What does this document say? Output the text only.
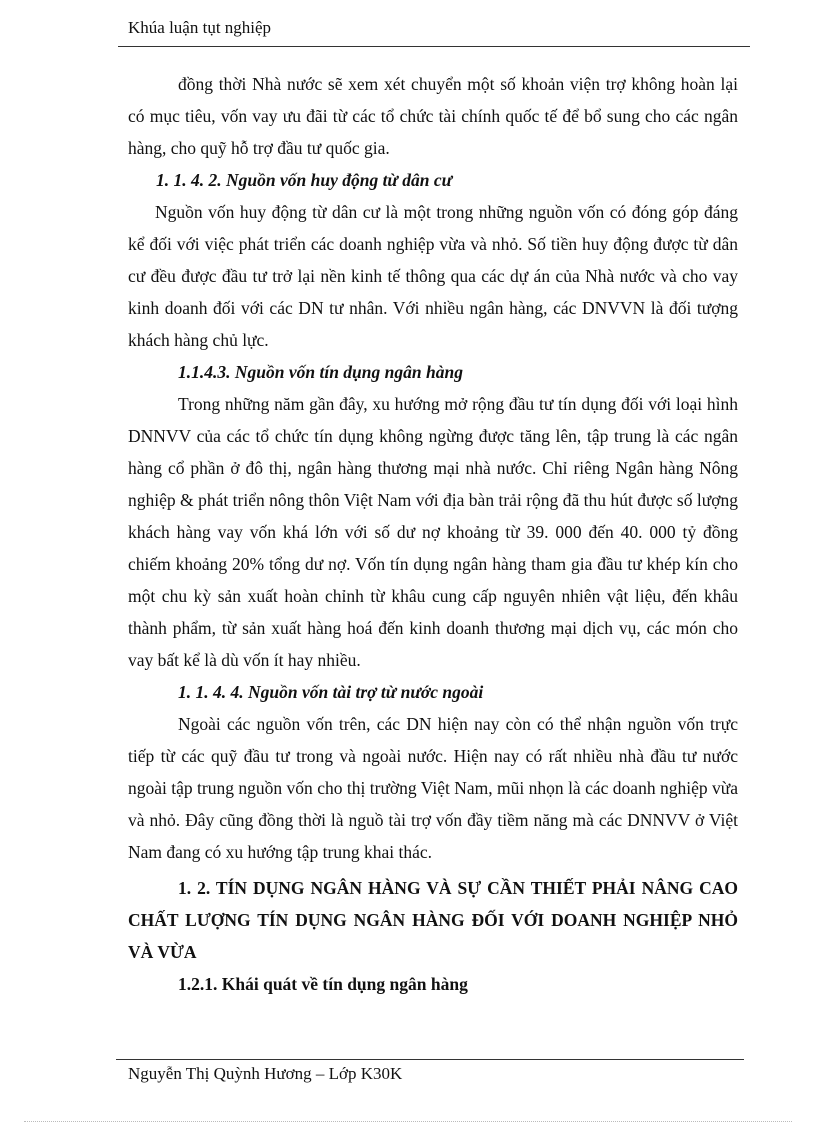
Khúa luận tụt nghiệp

đồng thời Nhà nước sẽ xem xét chuyển một số khoản viện trợ không hoàn lại có mục tiêu, vốn vay ưu đãi từ các tổ chức tài chính quốc tế để bổ sung cho các ngân hàng, cho quỹ hỗ trợ đầu tư quốc gia.

1. 1. 4. 2. Nguồn vốn huy động từ dân cư

Nguồn vốn huy động từ dân cư là một trong những nguồn vốn có đóng góp đáng kể đối với việc phát triển các doanh nghiệp vừa và nhỏ. Số tiền huy động được từ dân cư đều được đầu tư trở lại nền kinh tế thông qua các dự án của Nhà nước và cho vay kinh doanh đối với các DN tư nhân. Với nhiều ngân hàng, các DNVVN là đối tượng khách hàng chủ lực.

1.1.4.3. Nguồn vốn tín dụng ngân hàng

Trong những năm gần đây, xu hướng mở rộng đầu tư tín dụng đối với loại hình DNNVV của các tổ chức tín dụng không ngừng được tăng lên, tập trung là các ngân hàng cổ phần ở đô thị, ngân hàng thương mại nhà nước. Chỉ riêng Ngân hàng Nông nghiệp & phát triển nông thôn Việt Nam với địa bàn trải rộng đã thu hút được số lượng khách hàng vay vốn khá lớn với số dư nợ khoảng từ 39. 000 đến 40. 000 tỷ đồng chiếm khoảng 20% tổng dư nợ. Vốn tín dụng ngân hàng tham gia đầu tư khép kín cho một chu kỳ sản xuất hoàn chỉnh từ khâu cung cấp nguyên nhiên vật liệu, đến khâu thành phẩm, từ sản xuất hàng hoá đến kinh doanh thương mại dịch vụ, các món cho vay bất kể là dù vốn ít hay nhiều.

1. 1. 4. 4. Nguồn vốn tài trợ từ nước ngoài

Ngoài các nguồn vốn trên, các DN hiện nay còn có thể nhận nguồn vốn trực tiếp từ các quỹ đầu tư trong và ngoài nước. Hiện nay có rất nhiều nhà đầu tư nước ngoài tập trung nguồn vốn cho thị trường Việt Nam, mũi nhọn là các doanh nghiệp vừa và nhỏ. Đây cũng đồng thời là nguồ tài trợ vốn đầy tiềm năng mà các DNNVV ở Việt Nam đang có xu hướng tập trung khai thác.

1. 2. TÍN DỤNG NGÂN HÀNG VÀ SỰ CẦN THIẾT PHẢI NÂNG CAO CHẤT LƯỢNG TÍN DỤNG NGÂN HÀNG ĐỐI VỚI DOANH NGHIỆP NHỎ VÀ VỪA

1.2.1. Khái quát về tín dụng ngân hàng

Nguyễn Thị Quỳnh Hương – Lớp K30K
